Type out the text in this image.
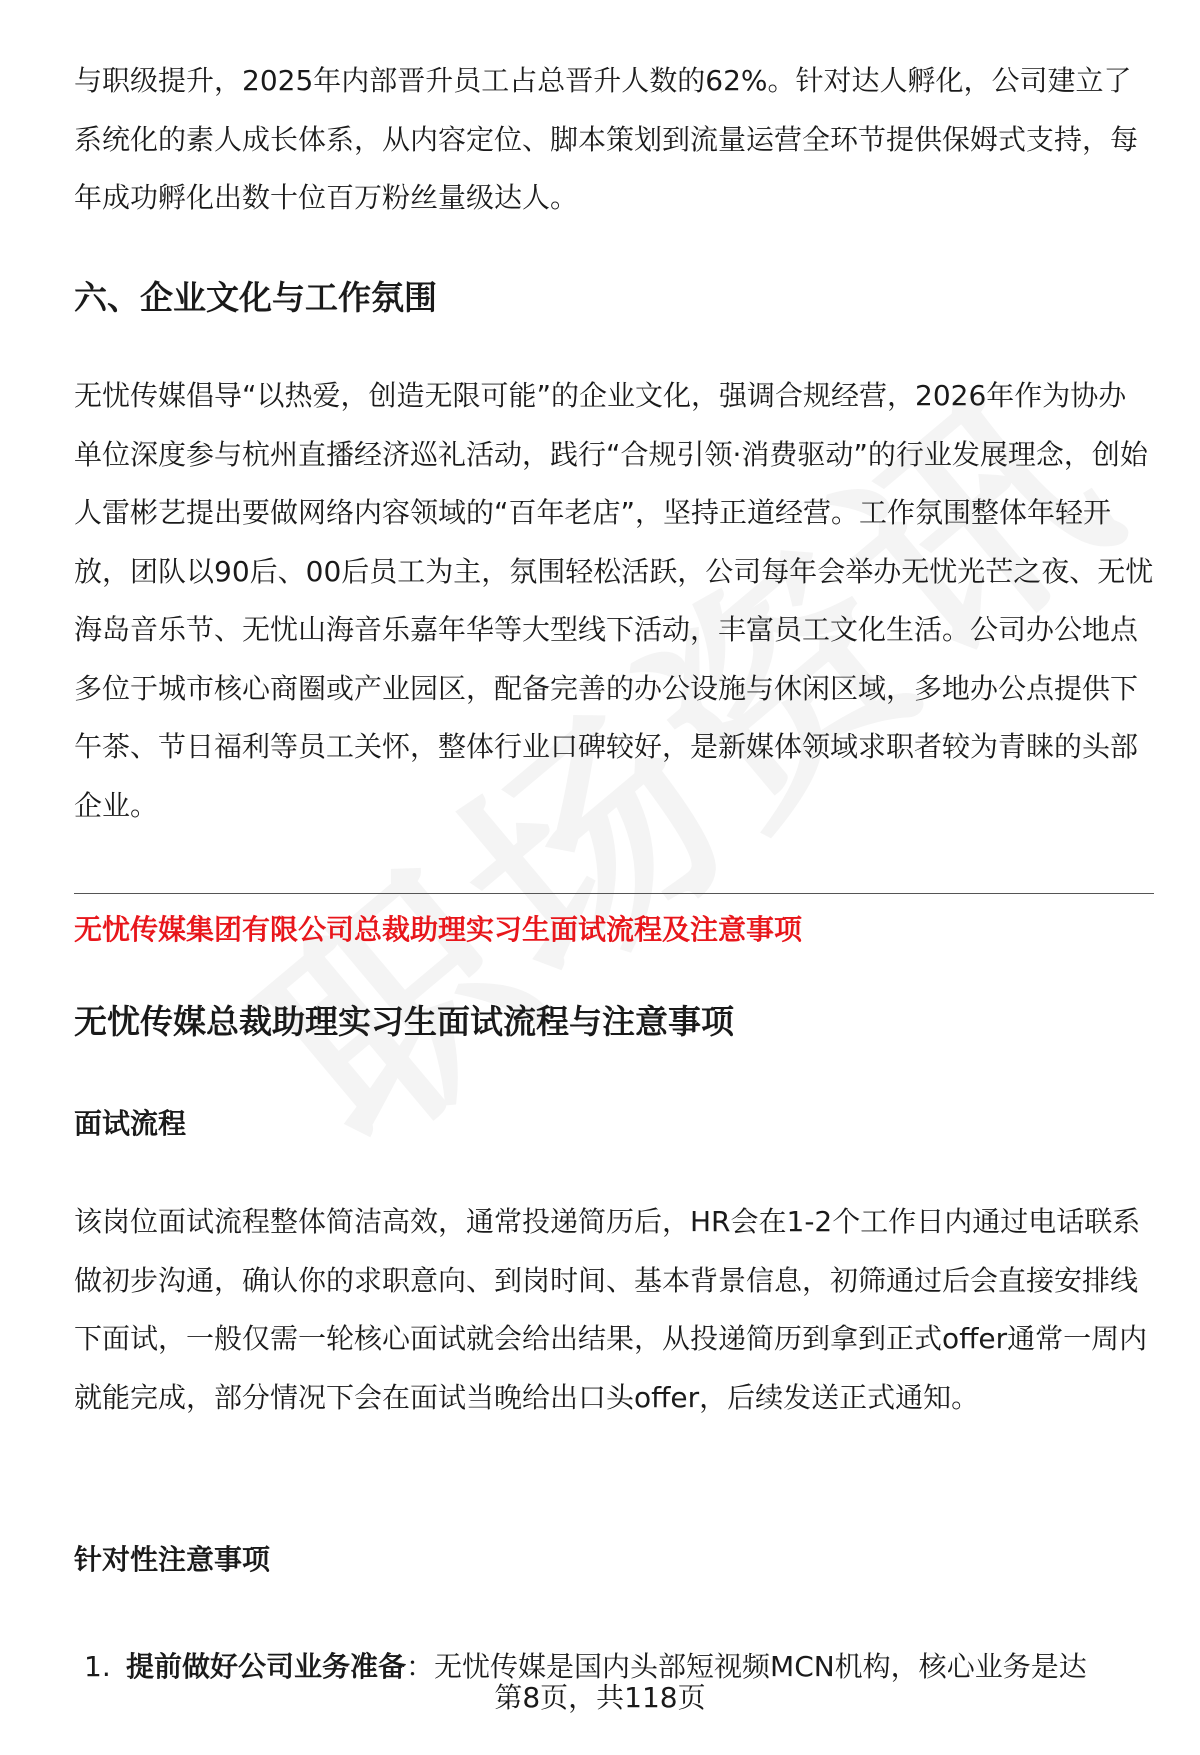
与职级提升，2025年内部晋升员工占总晋升人数的62%。针对达人孵化，公司建立了系统化的素人成长体系，从内容定位、脚本策划到流量运营全环节提供保姆式支持，每年成功孵化出数十位百万粉丝量级达人。

六、企业文化与工作氛围

无忧传媒倡导“以热爱，创造无限可能”的企业文化，强调合规经营，2026年作为协办单位深度参与杭州直播经济巡礼活动，践行“合规引领·消费驱动”的行业发展理念，创始人雷彬艺提出要做网络内容领域的“百年老店”，坚持正道经营。工作氛围整体年轻开放，团队以90后、00后员工为主，氛围轻松活跃，公司每年会举办无忧光芒之夜、无忧海岛音乐节、无忧山海音乐嘉年华等大型线下活动，丰富员工文化生活。公司办公地点多位于城市核心商圈或产业园区，配备完善的办公设施与休闲区域，多地办公点提供下午茶、节日福利等员工关怀，整体行业口碑较好，是新媒体领域求职者较为青睐的头部企业。

无忧传媒集团有限公司总裁助理实习生面试流程及注意事项

无忧传媒总裁助理实习生面试流程与注意事项
面试流程

该岗位面试流程整体简洁高效，通常投递简历后，HR会在1-2个工作日内通过电话联系做初步沟通，确认你的求职意向、到岗时间、基本背景信息，初筛通过后会直接安排线下面试，一般仅需一轮核心面试就会给出结果，从投递简历到拿到正式offer通常一周内就能完成，部分情况下会在面试当晚给出口头offer，后续发送正式通知。

针对性注意事项
1. 提前做好公司业务准备：无忧传媒是国内头部短视频MCN机构，核心业务是达

第8页，共118页
